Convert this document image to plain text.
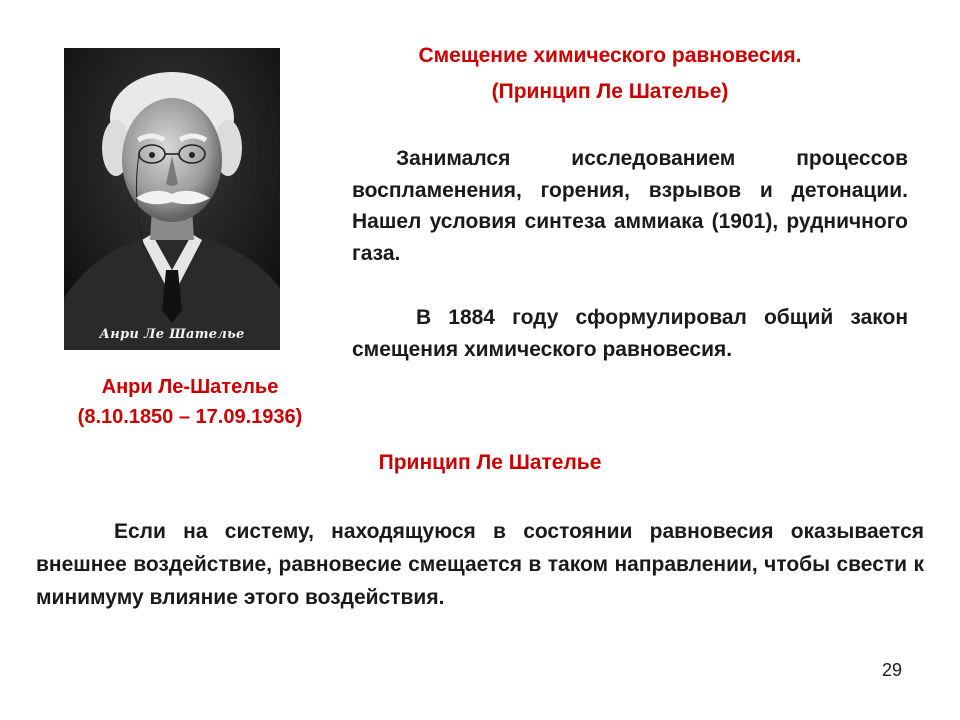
Анри Ле Шателье
Смещение химического равновесия.
(Принцип Ле Шателье)
Занимался исследованием процессов воспламенения, горения, взрывов и детонации. Нашел условия синтеза аммиака (1901), рудничного газа.
В 1884 году сформулировал общий закон смещения химического равновесия.
Анри Ле-Шателье
(8.10.1850 – 17.09.1936)
Принцип Ле Шателье
Если на систему, находящуюся в состоянии равновесия оказывается внешнее воздействие, равновесие смещается в таком направлении, чтобы свести к минимуму влияние этого воздействия.
29
